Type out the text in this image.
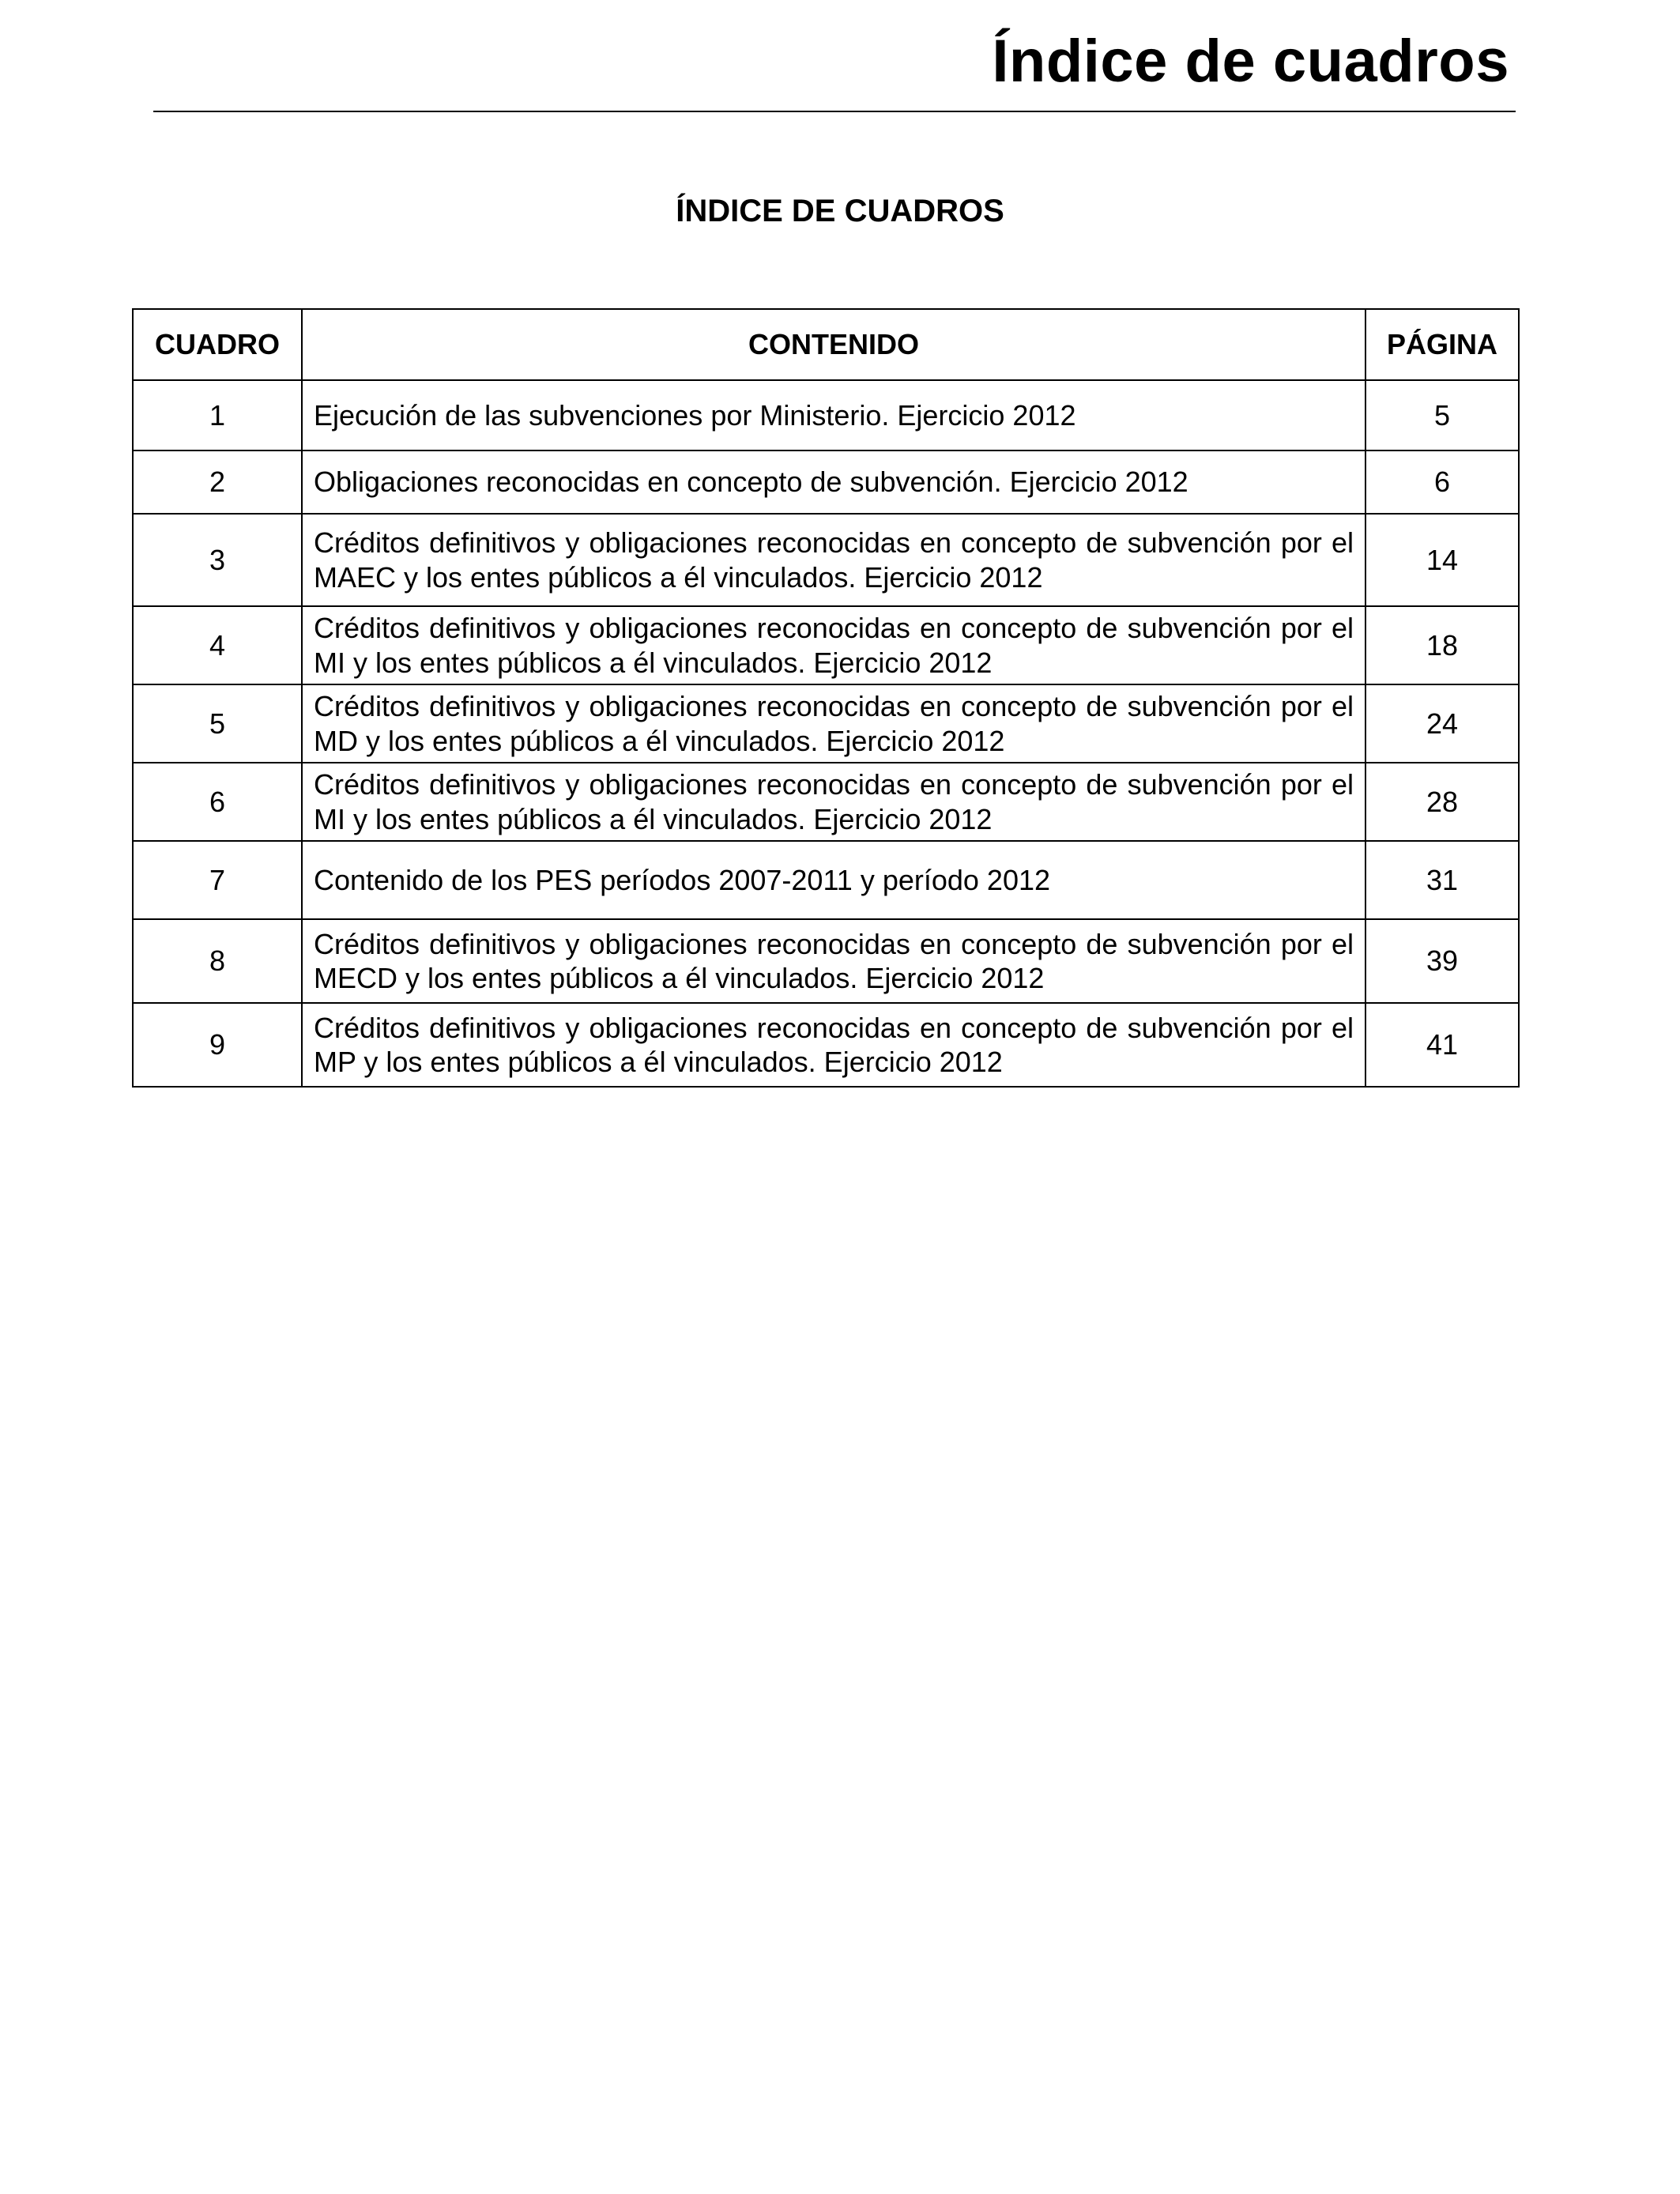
Índice de cuadros
ÍNDICE DE CUADROS
CUADRO	CONTENIDO	PÁGINA
1	Ejecución de las subvenciones por Ministerio. Ejercicio 2012	5
2	Obligaciones reconocidas en concepto de subvención. Ejercicio 2012	6
3	Créditos definitivos y obligaciones reconocidas en concepto de subvención por el MAEC y los entes públicos a él vinculados. Ejercicio 2012	14
4	Créditos definitivos y obligaciones reconocidas en concepto de subvención por el MI y los entes públicos a él vinculados. Ejercicio 2012	18
5	Créditos definitivos y obligaciones reconocidas en concepto de subvención por el MD y los entes públicos a él vinculados. Ejercicio 2012	24
6	Créditos definitivos y obligaciones reconocidas en concepto de subvención por el MI y los entes públicos a él vinculados. Ejercicio 2012	28
7	Contenido de los PES períodos 2007-2011 y período 2012	31
8	Créditos definitivos y obligaciones reconocidas en concepto de subvención por el MECD y los entes públicos a él vinculados. Ejercicio 2012	39
9	Créditos definitivos y obligaciones reconocidas en concepto de subvención por el MP y los entes públicos a él vinculados. Ejercicio 2012	41
